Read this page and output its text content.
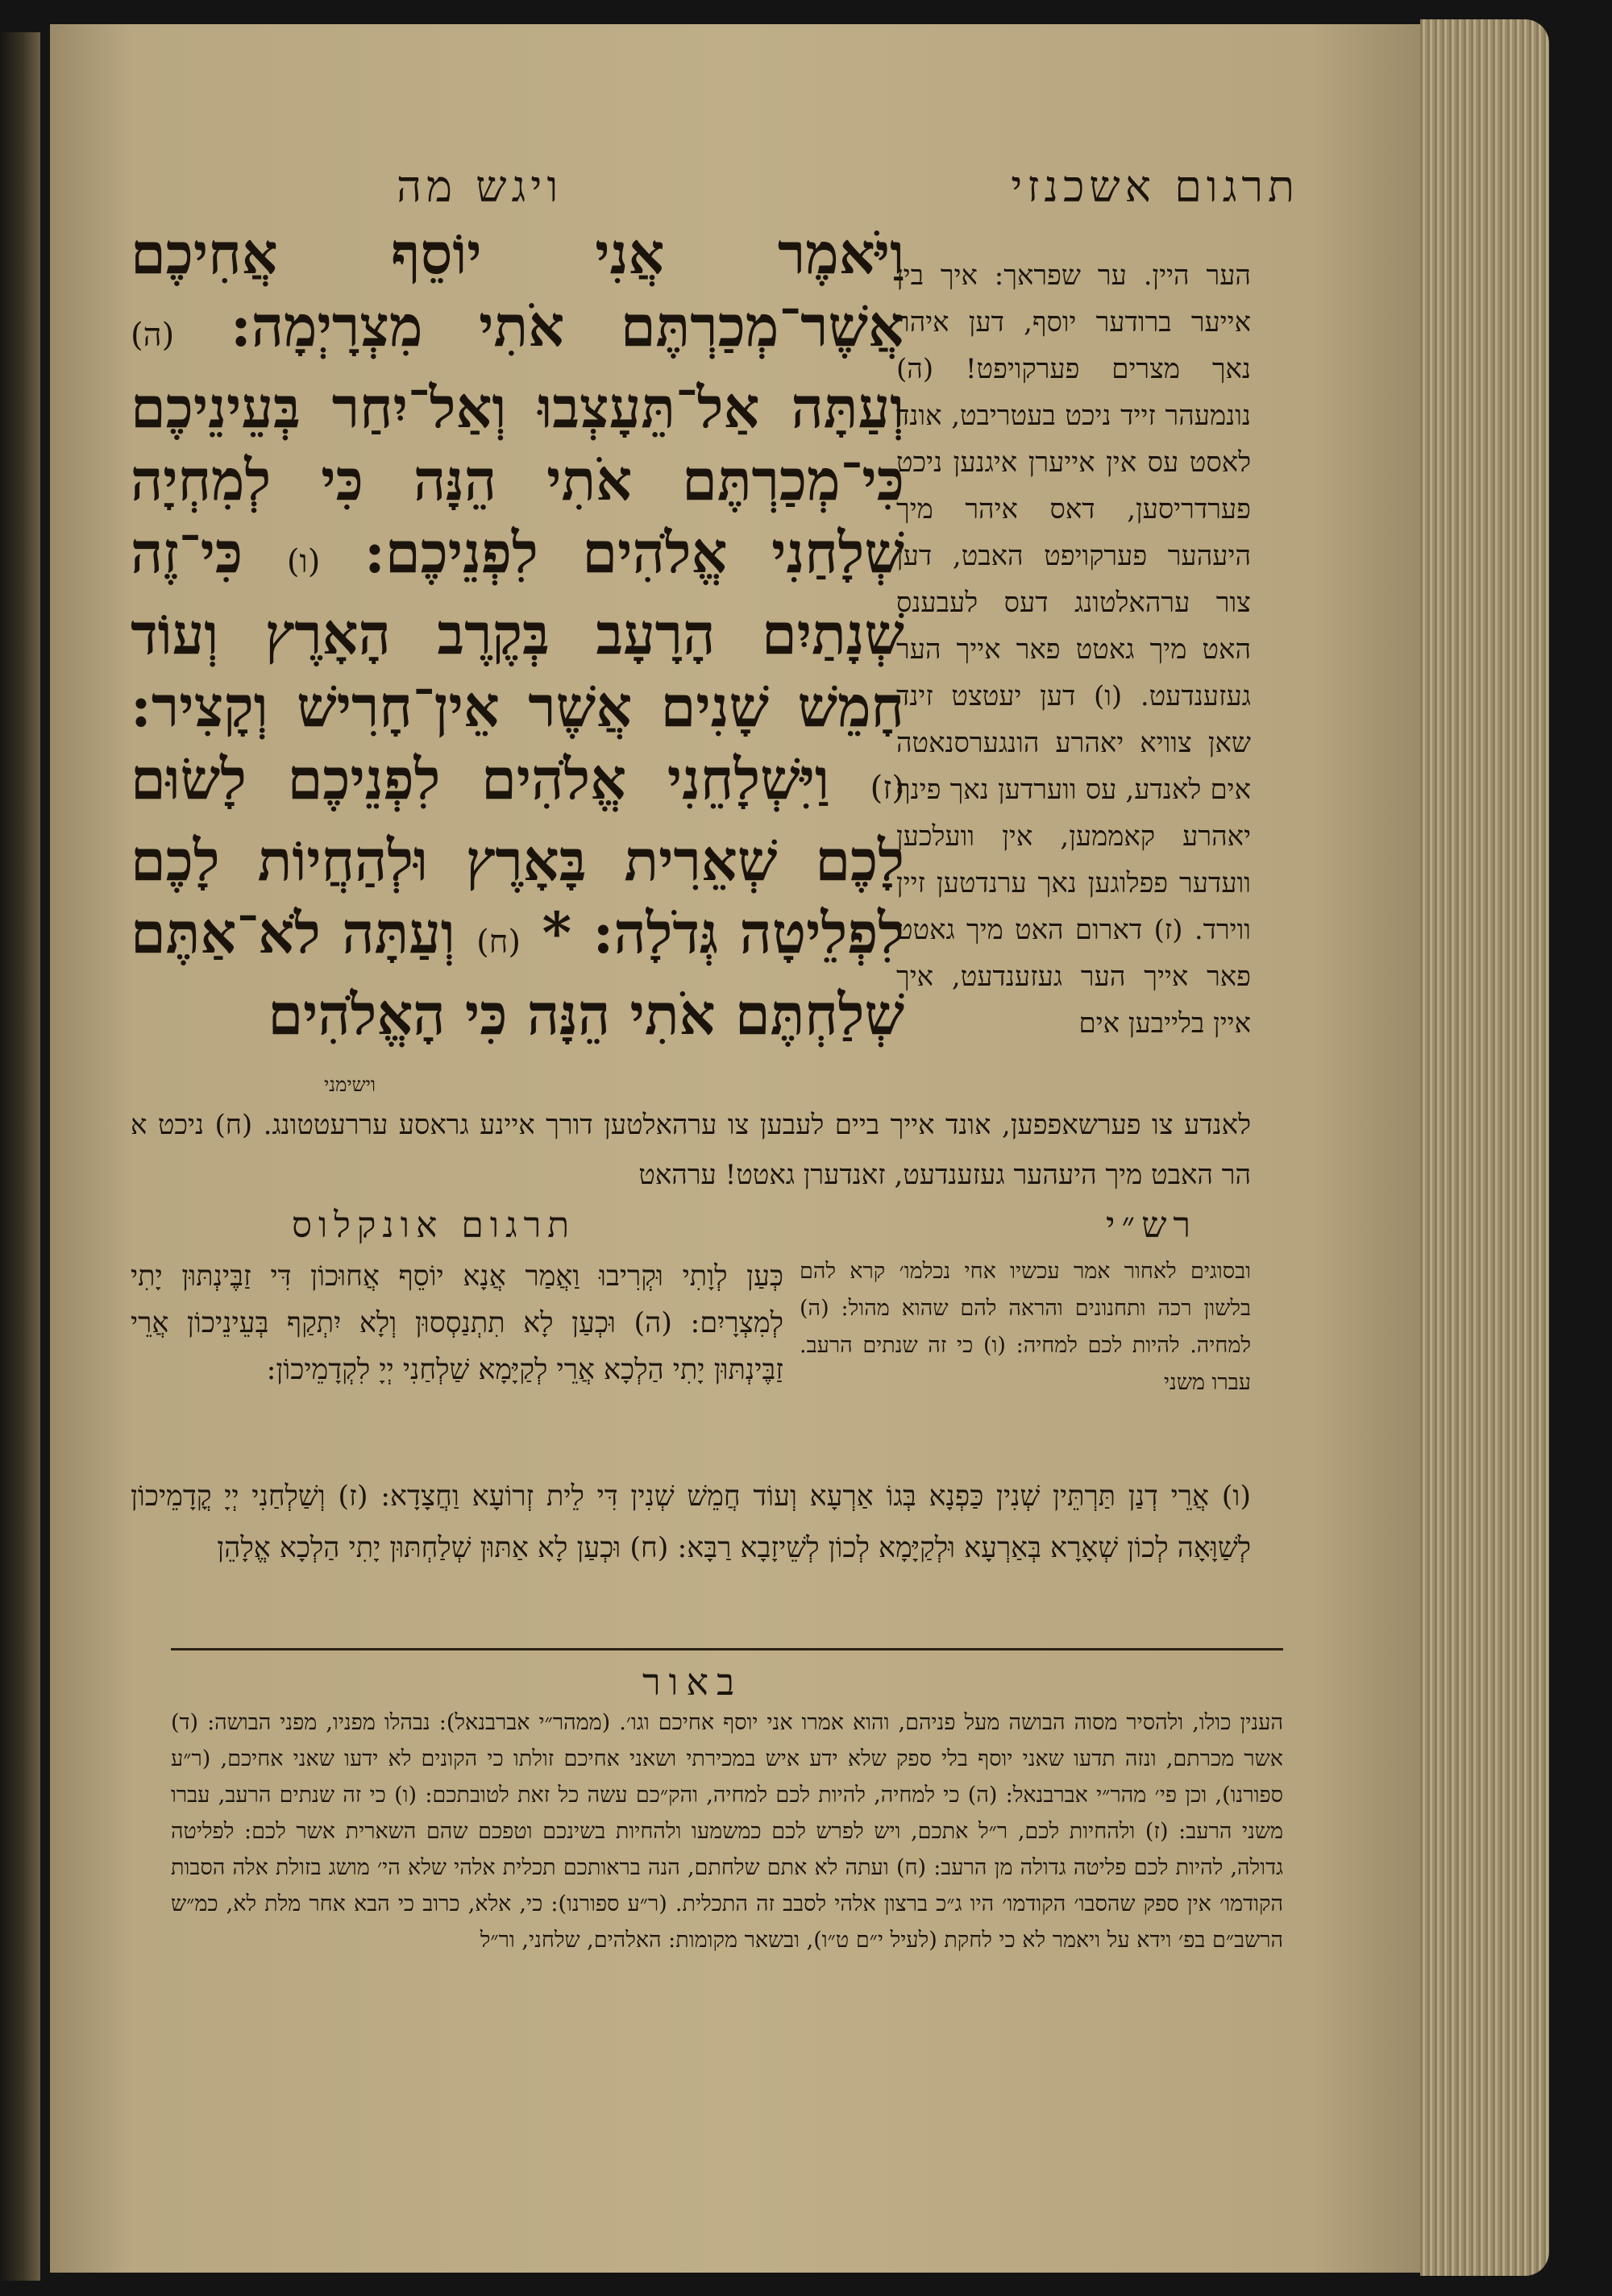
ויגש מה	תרגום אשכנזי
וַיֹּאמֶר אֲנִי יוֹסֵף אֲחִיכֶם אֲשֶׁר־מְכַרְתֶּם אֹתִי מִצְרָיְמָה: (ה) וְעַתָּה אַל־תֵּעָצְבוּ וְאַל־יִחַר בְּעֵינֵיכֶם כִּי־מְכַרְתֶּם אֹתִי הֵנָּה כִּי לְמִחְיָה שְׁלָחַנִי אֱלֹהִים לִפְנֵיכֶם: (ו) כִּי־זֶה שְׁנָתַיִם הָרָעָב בְּקֶרֶב הָאָרֶץ וְעוֹד חָמֵשׁ שָׁנִים אֲשֶׁר אֵין־חָרִישׁ וְקָצִיר: (ז) וַיִּשְׁלָחֵנִי אֱלֹהִים לִפְנֵיכֶם לָשׂוּם לָכֶם שְׁאֵרִית בָּאָרֶץ וּלְהַחֲיוֹת לָכֶם לִפְלֵיטָה גְּדֹלָה: * (ח) וְעַתָּה לֹא־אַתֶּם שְׁלַחְתֶּם אֹתִי הֵנָּה כִּי הָאֱלֹהִים
וישימני
הער היין. ער שפראך: איך בין אייער ברודער יוסף, דען איהר נאך מצרים פערקויפט! (ה) נונמעהר זייד ניכט בעטריבט, אונד לאסט עס אין אייערן איגנען ניכט פערדריסען, דאס איהר מיך היעהער פערקויפט האבט, דען צור ערהאלטונג דעס לעבענס האט מיך גאטט פאר אייך הער געזענדעט. (ו) דען יעטצט זינד שאן צוויא יאהרע הונגערסנאטה אים לאנדע, עס ווערדען נאך פינף יאהרע קאממען, אין וועלכען וועדער פפלוגען נאך ערנדטען זיין ווירד. (ז) דארום האט מיך גאטט פאר אייך הער געזענדעט, איך איין בלייבען אים
לאנדע צו פערשאפפען, אונד אייך ביים לעבען צו ערהאלטען דורך איינע גראסע עררעטטונג. (ח) ניכט א הר האבט מיך היעהער געזענדעט, זאנדערן גאטט! ערהאט
רש״י
תרגום אונקלוס
ובסוגים לאחור אמר עכשיו אחי נכלמו׳ קרא להם בלשון רכה ותחנונים והראה להם שהוא מהול: (ה) למחיה. להיות לכם למחיה: (ו) כי זה שנתים הרעב. עברו משני
כְּעַן לְוָתִי וּקְרִיבוּ וַאֲמַר אֲנָא יוֹסֵף אֲחוּכוֹן דִּי זַבֶּינְתּוּן יָתִי לְמִצְרָיִם: (ה) וּכְעַן לָא תִתְנַסְסוּן וְלָא יִתְקַף בְּעֵינֵיכוֹן אֲרֵי זַבֶּינְתּוּן יָתִי הַלְכָא אֲרֵי לְקַיָּמָא שַׁלְחַנִי יְיָ לִקְדָמֵיכוֹן:
(ו) אֲרֵי דְנַן תַּרְתֵּין שְׁנִין כַּפְנָא בְּגוֹ אַרְעָא וְעוֹד חֲמֵשׁ שְׁנִין דִּי לֵית זְרוֹעָא וַחֲצָדָא: (ז) וְשַׁלְחַנִי יְיָ קֳדָמֵיכוֹן לְשַׁוָּאָה לְכוֹן שְׁאָרָא בְּאַרְעָא וּלְקַיָּמָא לְכוֹן לְשֵׁיזָבָא רַבָּא: (ח) וּכְעַן לָא אַתּוּן שְׁלַחְתּוּן יָתִי הַלְכָא אֱלָהֵן
באור
הענין כולו, ולהסיר מסוה הבושה מעל פניהם, והוא אמרו אני יוסף אחיכם וגו׳. (ממהר״י אברבנאל): נבהלו מפניו, מפני הבושה: (ד) אשר מכרתם, ונזה תדעו שאני יוסף בלי ספק שלא ידע איש במכירתי ושאני אחיכם זולתו כי הקונים לא ידעו שאני אחיכם, (ר״ע ספורנו), וכן פי׳ מהר״י אברבנאל: (ה) כי למחיה, להיות לכם למחיה, והק״כם עשה כל זאת לטובתכם: (ו) כי זה שנתים הרעב, עברו משני הרעב: (ז) ולהחיות לכם, ר״ל אתכם, ויש לפרש לכם כמשמעו ולהחיות בשינכם וטפכם שהם השארית אשר לכם: לפליטה גדולה, להיות לכם פליטה גדולה מן הרעב: (ח) ועתה לא אתם שלחתם, הנה בראותכם תכלית אלהי שלא הי׳ מושג בזולת אלה הסבות הקודמו׳ אין ספק שהסבו׳ הקודמו׳ היו ג״כ ברצון אלהי לסבב זה התכלית. (ר״ע ספורנו): כי, אלא, כרוב כי הבא אחר מלת לא, כמ״ש הרשב״ם בפ׳ וידא על ויאמר לא כי לחקת (לעיל י״ם ט״ו), ובשאר מקומות: האלהים, שלחני, ור״ל
